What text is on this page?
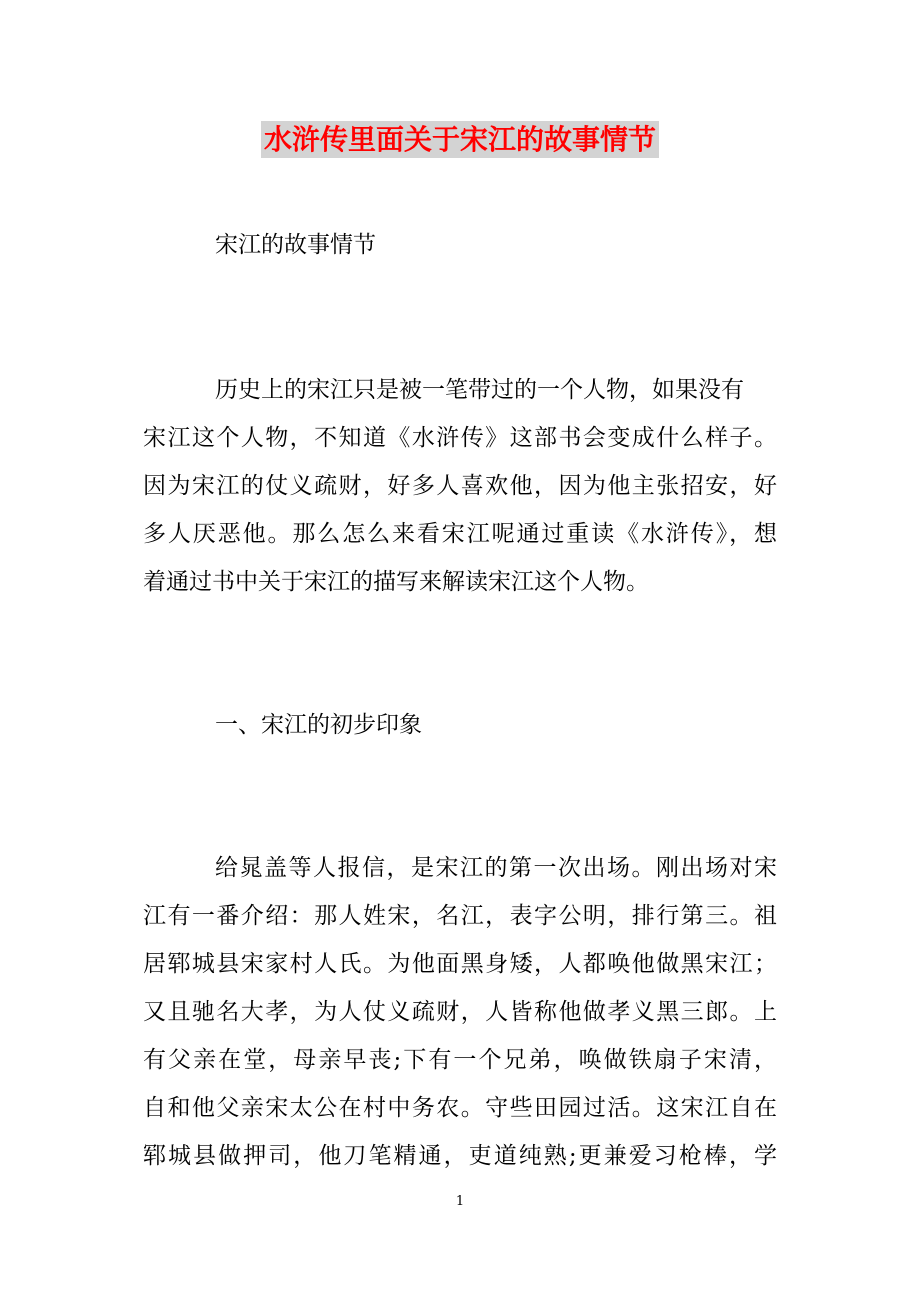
水浒传里面关于宋江的故事情节
宋江的故事情节
历史上的宋江只是被一笔带过的一个人物，如果没有
宋江这个人物，不知道《水浒传》这部书会变成什么样子。
因为宋江的仗义疏财，好多人喜欢他，因为他主张招安，好
多人厌恶他。那么怎么来看宋江呢通过重读《水浒传》，想
着通过书中关于宋江的描写来解读宋江这个人物。
一、宋江的初步印象
给晁盖等人报信，是宋江的第一次出场。刚出场对宋
江有一番介绍：那人姓宋，名江，表字公明，排行第三。祖
居郓城县宋家村人氏。为他面黑身矮，人都唤他做黑宋江；
又且驰名大孝，为人仗义疏财，人皆称他做孝义黑三郎。上
有父亲在堂，母亲早丧;下有一个兄弟，唤做铁扇子宋清，
自和他父亲宋太公在村中务农。守些田园过活。这宋江自在
郓城县做押司，他刀笔精通，吏道纯熟;更兼爱习枪棒，学
1
